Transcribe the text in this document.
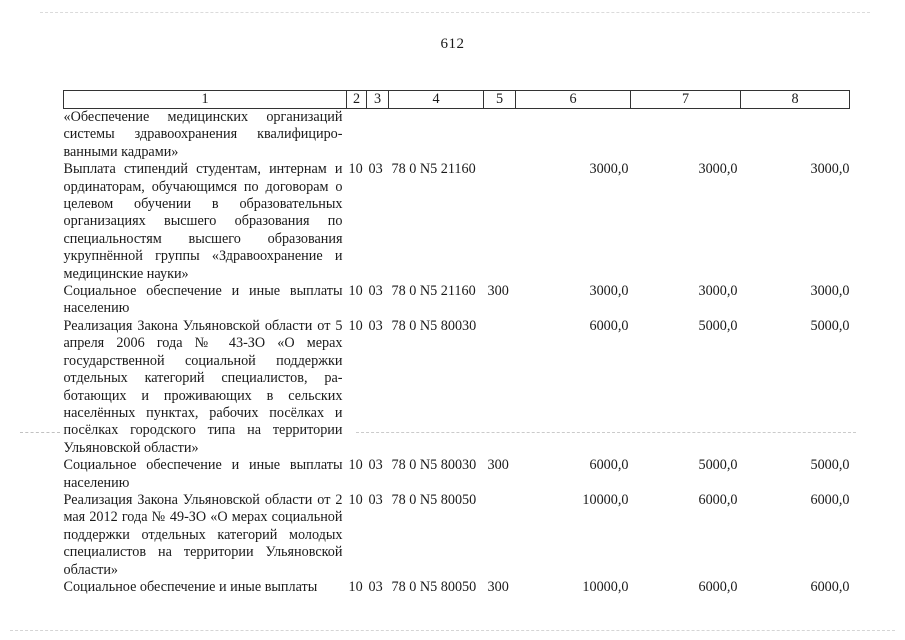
612
1	2	3	4	5	6	7	8
«Обеспечение медицинских организаций системы здравоохранения квалифицированными кадрами»							
Выплата стипендий студентам, интернам и ординаторам, обучающимся по договорам о целевом обучении в образовательных организациях высшего образования по специальностям высшего образования укрупнённой группы «Здравоохранение и медицинские науки»	10	03	78 0 N5 21160		3000,0	3000,0	3000,0
Социальное обеспечение и иные выплаты населению	10	03	78 0 N5 21160	300	3000,0	3000,0	3000,0
Реализация Закона Ульяновской области от 5 апреля 2006 года № 43-ЗО «О мерах государственной социальной поддержки отдельных категорий специалистов, работающих и проживающих в сельских населённых пунктах, рабочих посёлках и посёлках городского типа на территории Ульяновской области»	10	03	78 0 N5 80030		6000,0	5000,0	5000,0
Социальное обеспечение и иные выплаты населению	10	03	78 0 N5 80030	300	6000,0	5000,0	5000,0
Реализация Закона Ульяновской области от 2 мая 2012 года № 49-ЗО «О мерах социальной поддержки отдельных категорий молодых специалистов на территории Ульяновской области»	10	03	78 0 N5 80050		10000,0	6000,0	6000,0
Социальное обеспечение и иные выплаты	10	03	78 0 N5 80050	300	10000,0	6000,0	6000,0
